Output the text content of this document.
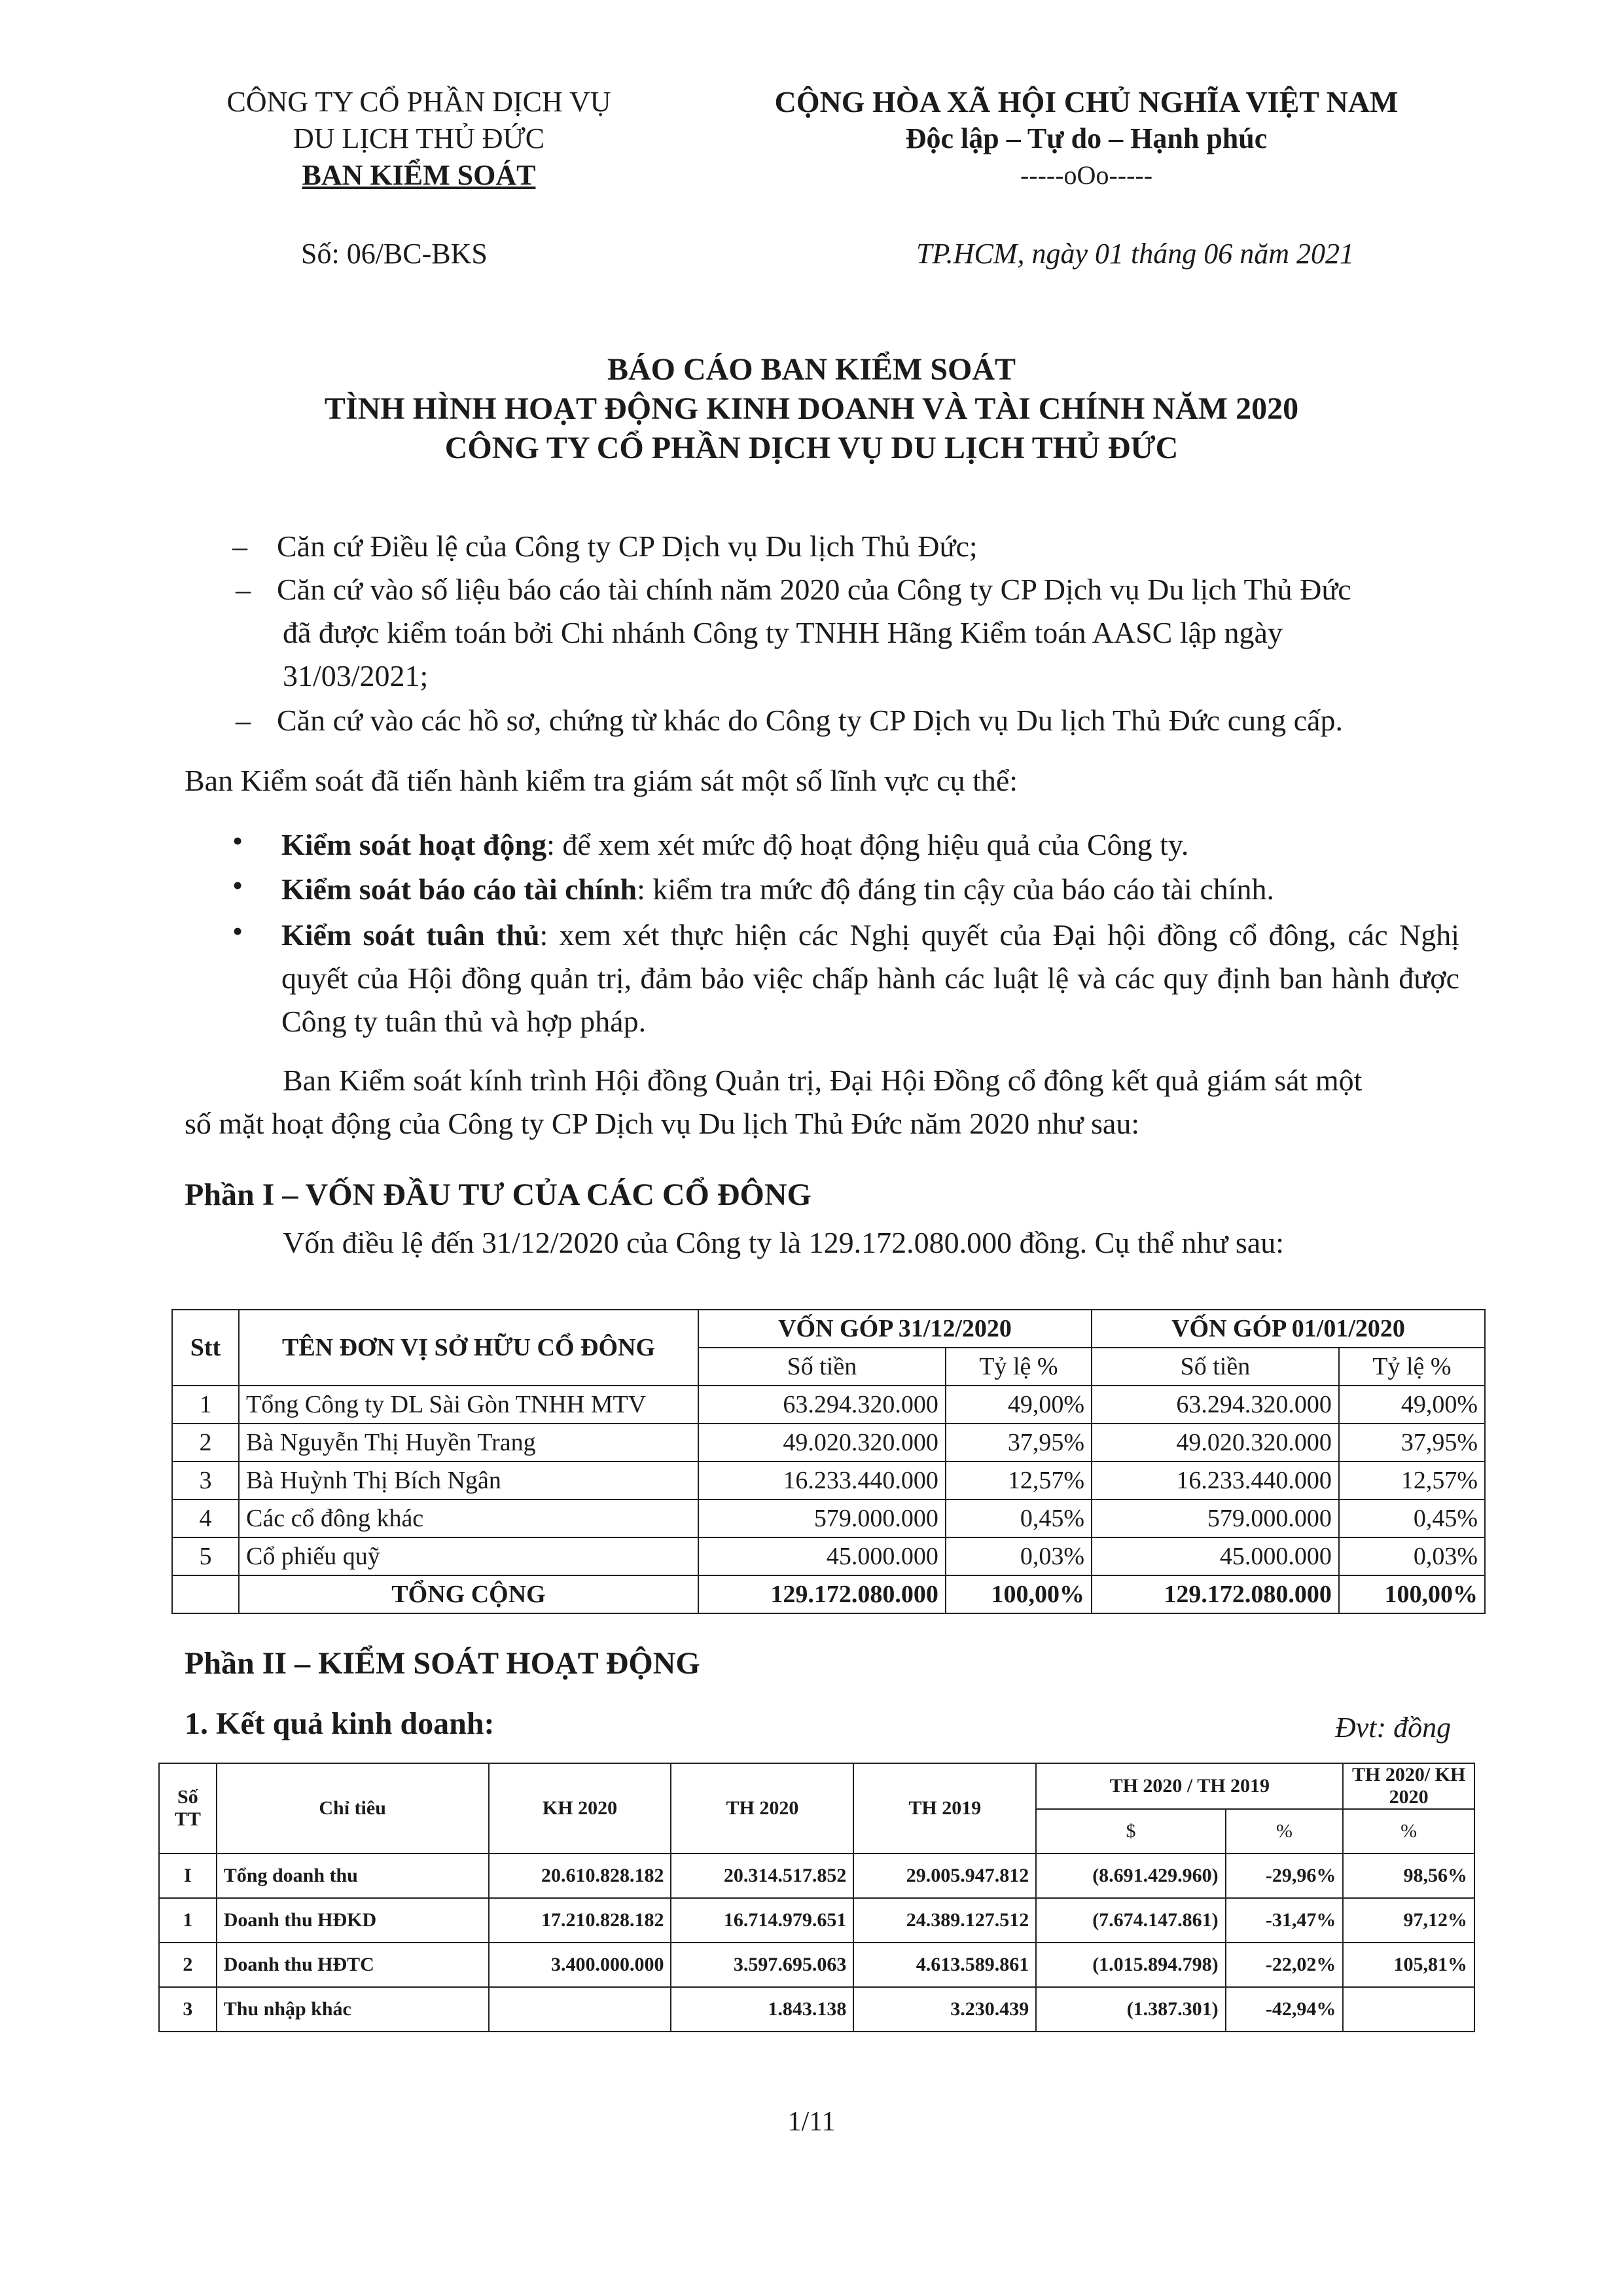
CÔNG TY CỔ PHẦN DỊCH VỤ
DU LỊCH THỦ ĐỨC
BAN KIỂM SOÁT
CỘNG HÒA XÃ HỘI CHỦ NGHĨA VIỆT NAM
Độc lập – Tự do – Hạnh phúc
-----oOo-----
Số: 06/BC-BKS	TP.HCM, ngày 01 tháng 06 năm 2021
BÁO CÁO BAN KIỂM SOÁT
TÌNH HÌNH HOẠT ĐỘNG KINH DOANH VÀ TÀI CHÍNH NĂM 2020
CÔNG TY CỔ PHẦN DỊCH VỤ DU LỊCH THỦ ĐỨC
– Căn cứ Điều lệ của Công ty CP Dịch vụ Du lịch Thủ Đức;
– Căn cứ vào số liệu báo cáo tài chính năm 2020 của Công ty CP Dịch vụ Du lịch Thủ Đức
đã được kiểm toán bởi Chi nhánh Công ty TNHH Hãng Kiểm toán AASC lập ngày
31/03/2021;
– Căn cứ vào các hồ sơ, chứng từ khác do Công ty CP Dịch vụ Du lịch Thủ Đức cung cấp.
Ban Kiểm soát đã tiến hành kiểm tra giám sát một số lĩnh vực cụ thể:
• Kiểm soát hoạt động: để xem xét mức độ hoạt động hiệu quả của Công ty.
• Kiểm soát báo cáo tài chính: kiểm tra mức độ đáng tin cậy của báo cáo tài chính.
• Kiểm soát tuân thủ: xem xét thực hiện các Nghị quyết của Đại hội đồng cổ đông, các Nghị quyết của Hội đồng quản trị, đảm bảo việc chấp hành các luật lệ và các quy định ban hành được Công ty tuân thủ và hợp pháp.
Ban Kiểm soát kính trình Hội đồng Quản trị, Đại Hội Đồng cổ đông kết quả giám sát một
số mặt hoạt động của Công ty CP Dịch vụ Du lịch Thủ Đức năm 2020 như sau:
Phần I – VỐN ĐẦU TƯ CỦA CÁC CỔ ĐÔNG
Vốn điều lệ đến 31/12/2020 của Công ty là 129.172.080.000 đồng. Cụ thể như sau:
Stt	TÊN ĐƠN VỊ SỞ HỮU CỔ ĐÔNG	VỐN GÓP 31/12/2020		VỐN GÓP 01/01/2020	
		Số tiền	Tỷ lệ %	Số tiền	Tỷ lệ %
1	Tổng Công ty DL Sài Gòn TNHH MTV	63.294.320.000	49,00%	63.294.320.000	49,00%
2	Bà Nguyễn Thị Huyền Trang	49.020.320.000	37,95%	49.020.320.000	37,95%
3	Bà Huỳnh Thị Bích Ngân	16.233.440.000	12,57%	16.233.440.000	12,57%
4	Các cổ đông khác	579.000.000	0,45%	579.000.000	0,45%
5	Cổ phiếu quỹ	45.000.000	0,03%	45.000.000	0,03%
	TỔNG CỘNG	129.172.080.000	100,00%	129.172.080.000	100,00%
Phần II – KIỂM SOÁT HOẠT ĐỘNG
1. Kết quả kinh doanh:	Đvt: đồng
Số TT	Chỉ tiêu	KH 2020	TH 2020	TH 2019	TH 2020 / TH 2019		TH 2020/ KH 2020
					$	%	%
I	Tổng doanh thu	20.610.828.182	20.314.517.852	29.005.947.812	(8.691.429.960)	-29,96%	98,56%
1	Doanh thu HĐKD	17.210.828.182	16.714.979.651	24.389.127.512	(7.674.147.861)	-31,47%	97,12%
2	Doanh thu HĐTC	3.400.000.000	3.597.695.063	4.613.589.861	(1.015.894.798)	-22,02%	105,81%
3	Thu nhập khác		1.843.138	3.230.439	(1.387.301)	-42,94%	
1/11
